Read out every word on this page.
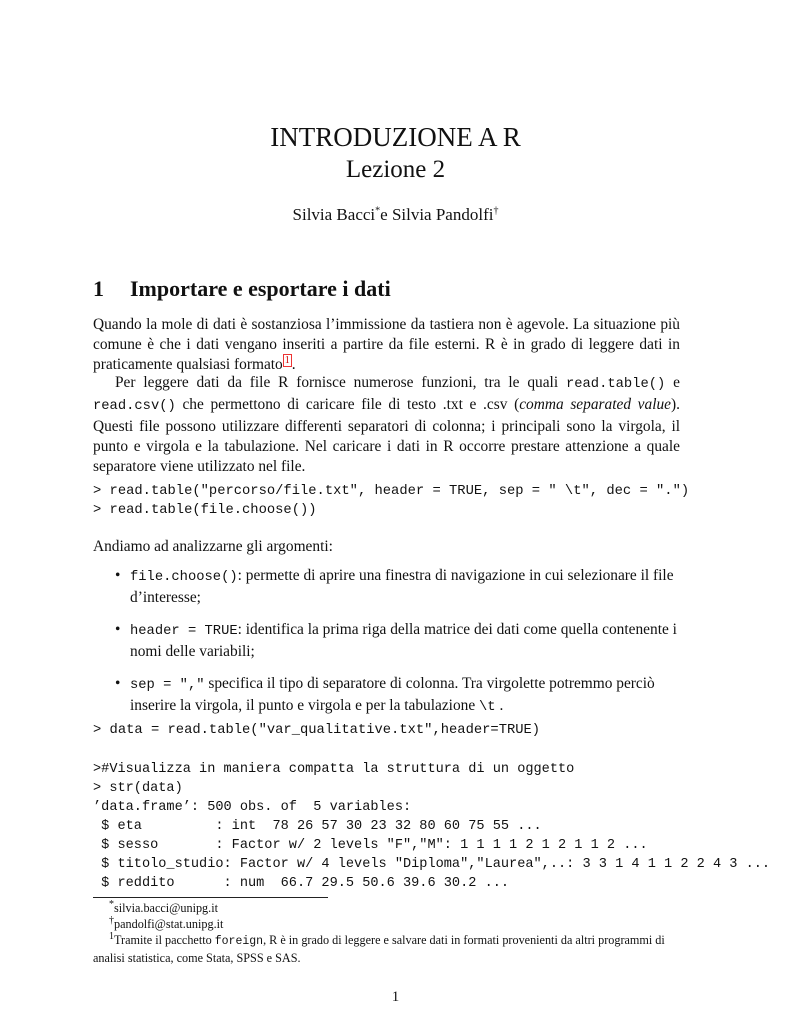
INTRODUZIONE A R
Lezione 2
Silvia Bacci*e Silvia Pandolfi†
1 Importare e esportare i dati
Quando la mole di dati è sostanziosa l’immissione da tastiera non è agevole. La situazione più comune è che i dati vengano inseriti a partire da file esterni. R è in grado di leggere dati in praticamente qualsiasi formato $^1$ .
Per leggere dati da file R fornisce numerose funzioni, tra le quali read.table() e read.csv() che permettono di caricare file di testo .txt e .csv (comma separated value). Questi file possono utilizzare differenti separatori di colonna; i principali sono la virgola, il punto e virgola e la tabulazione. Nel caricare i dati in R occorre prestare attenzione a quale separatore viene utilizzato nel file.
> read.table("percorso/file.txt", header = TRUE, sep = " \t", dec = ".")
> read.table(file.choose())
Andiamo ad analizzarne gli argomenti:
• file.choose(): permette di aprire una finestra di navigazione in cui selezionare il file d’interesse;
• header = TRUE: identifica la prima riga della matrice dei dati come quella contenente i nomi delle variabili;
• sep = "," specifica il tipo di separatore di colonna. Tra virgolette potremmo perciò inserire la virgola, il punto e virgola e per la tabulazione \t .
> data = read.table("var_qualitative.txt",header=TRUE)
>#Visualizza in maniera compatta la struttura di un oggetto
> str(data)
’data.frame’: 500 obs. of  5 variables:
$ eta         : int  78 26 57 30 23 32 80 60 75 55 ...
$ sesso       : Factor w/ 2 levels "F","M": 1 1 1 1 2 1 2 1 1 2 ...
$ titolo_studio: Factor w/ 4 levels "Diploma","Laurea",..: 3 3 1 4 1 1 2 2 4 3 ...
$ reddito      : num  66.7 29.5 50.6 39.6 30.2 ...
*silvia.bacci@unipg.it
†pandolfi@stat.unipg.it
$^1$Tramite il pacchetto foreign, R è in grado di leggere e salvare dati in formati provenienti da altri programmi di analisi statistica, come Stata, SPSS e SAS.
1
